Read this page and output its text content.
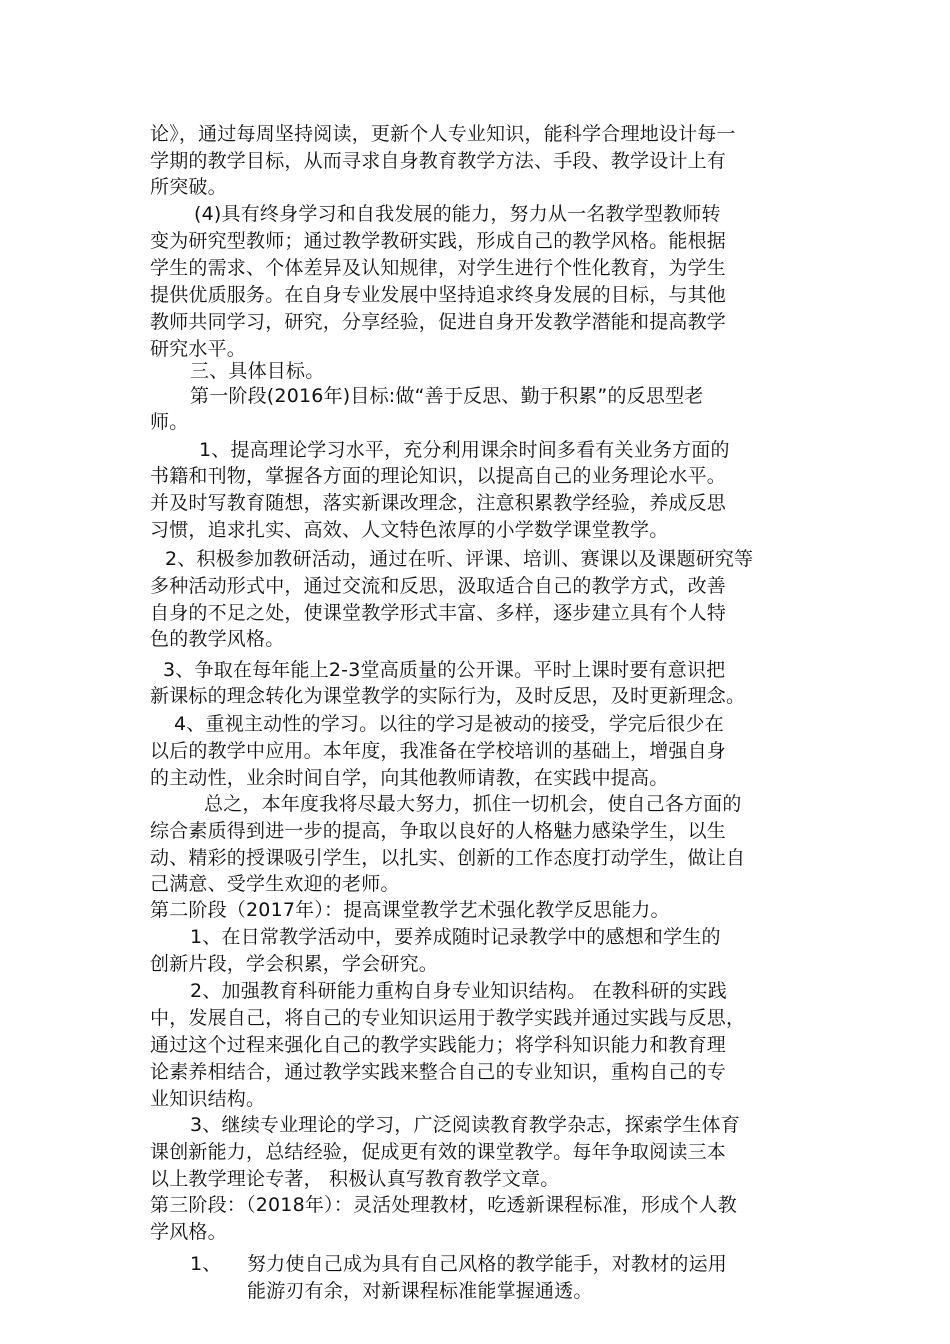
论》，通过每周坚持阅读，更新个人专业知识，能科学合理地设计每一
学期的教学目标，从而寻求自身教育教学方法、手段、教学设计上有
所突破。
(4)具有终身学习和自我发展的能力，努力从一名教学型教师转
变为研究型教师；通过教学教研实践，形成自己的教学风格。能根据
学生的需求、个体差异及认知规律，对学生进行个性化教育，为学生
提供优质服务。在自身专业发展中坚持追求终身发展的目标，与其他
教师共同学习，研究，分享经验，促进自身开发教学潜能和提高教学
研究水平。
三、具体目标。
第一阶段(2016年)目标:做“善于反思、勤于积累”的反思型老
师。
1、提高理论学习水平，充分利用课余时间多看有关业务方面的
书籍和刊物，掌握各方面的理论知识，以提高自己的业务理论水平。
并及时写教育随想，落实新课改理念，注意积累教学经验，养成反思
习惯，追求扎实、高效、人文特色浓厚的小学数学课堂教学。
2、积极参加教研活动，通过在听、评课、培训、赛课以及课题研究等
多种活动形式中，通过交流和反思，汲取适合自己的教学方式，改善
自身的不足之处，使课堂教学形式丰富、多样，逐步建立具有个人特
色的教学风格。
3、争取在每年能上2-3堂高质量的公开课。平时上课时要有意识把
新课标的理念转化为课堂教学的实际行为，及时反思，及时更新理念。
4、重视主动性的学习。以往的学习是被动的接受，学完后很少在
以后的教学中应用。本年度，我准备在学校培训的基础上，增强自身
的主动性，业余时间自学，向其他教师请教，在实践中提高。
总之，本年度我将尽最大努力，抓住一切机会，使自己各方面的
综合素质得到进一步的提高，争取以良好的人格魅力感染学生，以生
动、精彩的授课吸引学生，以扎实、创新的工作态度打动学生，做让自
己满意、受学生欢迎的老师。
第二阶段（2017年）：提高课堂教学艺术强化教学反思能力。
1、在日常教学活动中，要养成随时记录教学中的感想和学生的
创新片段，学会积累，学会研究。
2、加强教育科研能力重构自身专业知识结构。 在教科研的实践
中，发展自己，将自己的专业知识运用于教学实践并通过实践与反思，
通过这个过程来强化自己的教学实践能力；将学科知识能力和教育理
论素养相结合，通过教学实践来整合自己的专业知识，重构自己的专
业知识结构。
3、继续专业理论的学习，广泛阅读教育教学杂志，探索学生体育
课创新能力，总结经验，促成更有效的课堂教学。每年争取阅读三本
以上教学理论专著， 积极认真写教育教学文章。
第三阶段：（2018年）：灵活处理教材，吃透新课程标准，形成个人教
学风格。
1、 努力使自己成为具有自己风格的教学能手，对教材的运用
能游刃有余，对新课程标准能掌握通透。
